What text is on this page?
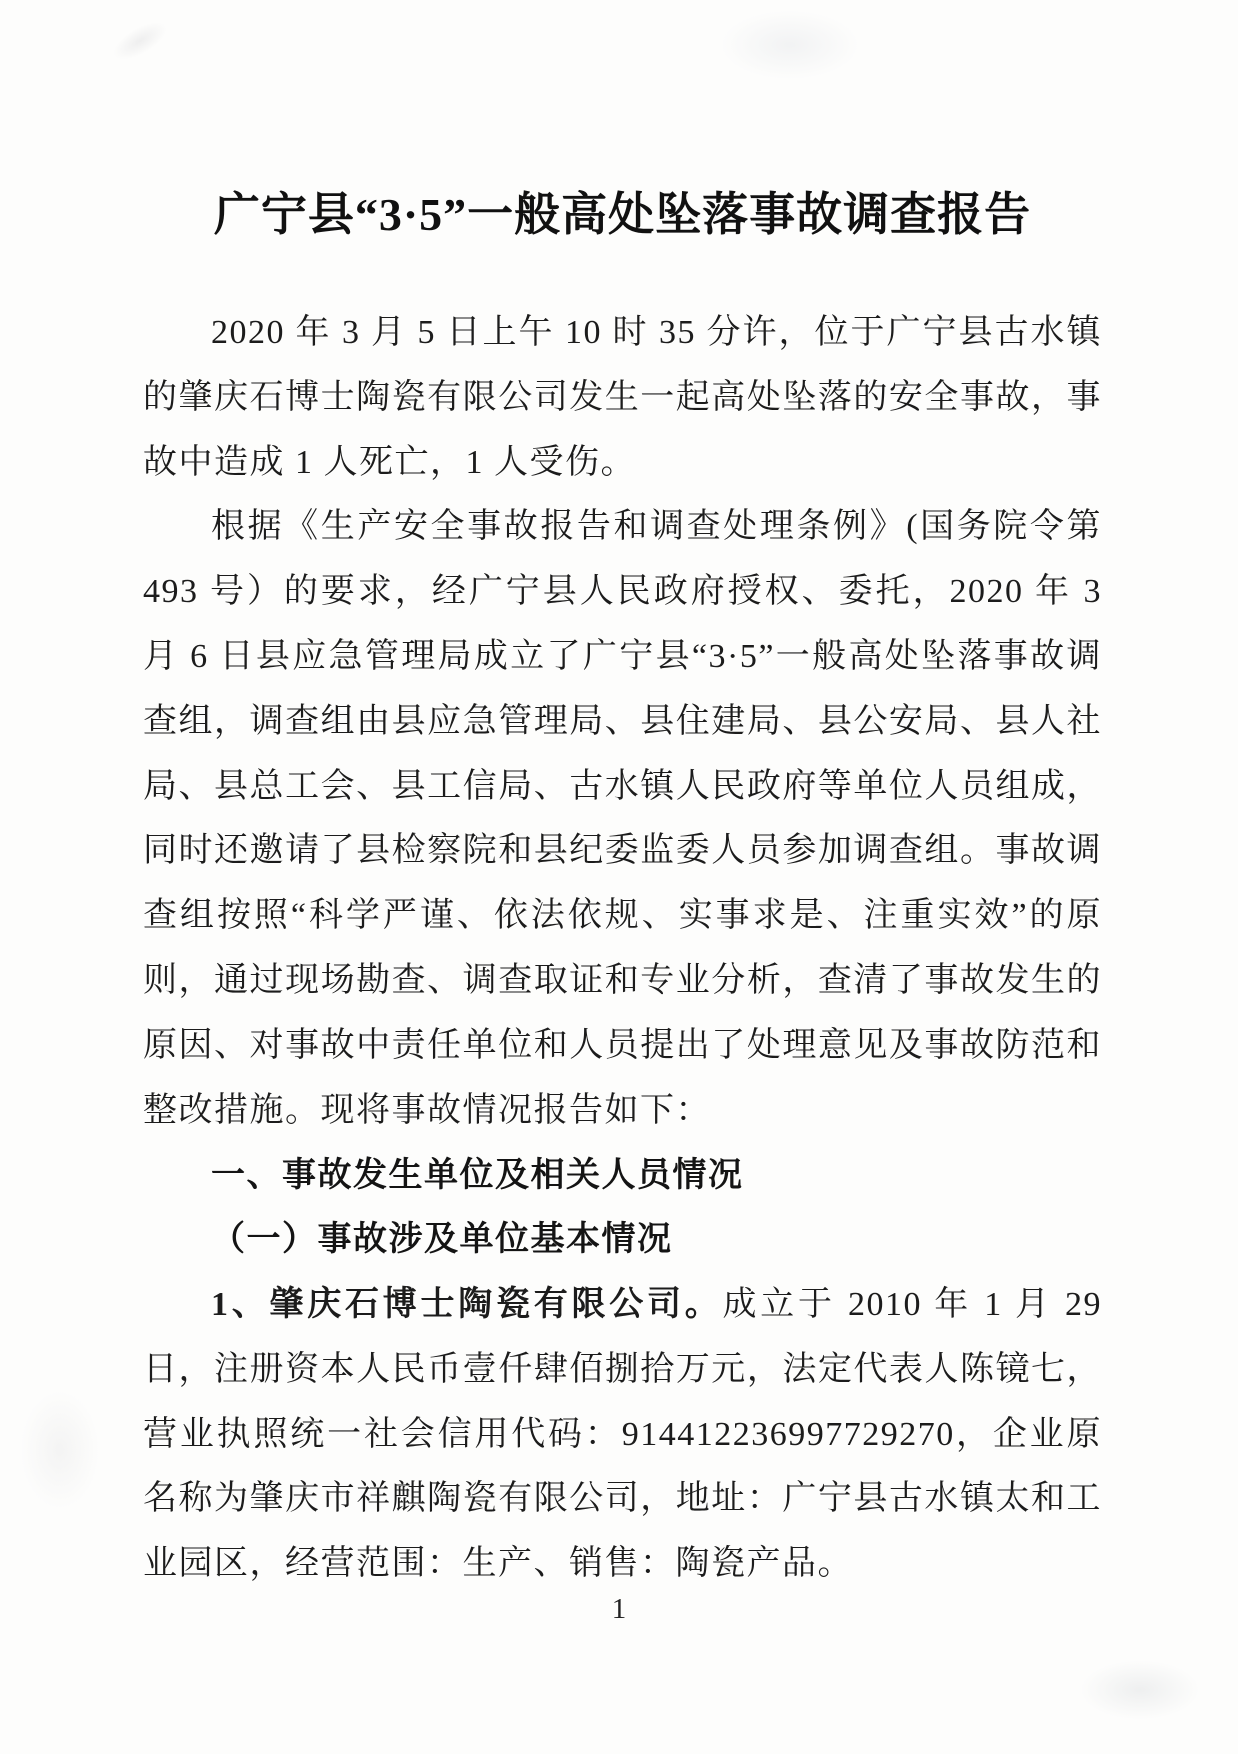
广宁县“3·5”一般高处坠落事故调查报告

2020 年 3 月 5 日上午 10 时 35 分许，位于广宁县古水镇的肇庆石博士陶瓷有限公司发生一起高处坠落的安全事故，事故中造成 1 人死亡，1 人受伤。

根据《生产安全事故报告和调查处理条例》(国务院令第 493 号）的要求，经广宁县人民政府授权、委托，2020 年 3 月 6 日县应急管理局成立了广宁县“3·5”一般高处坠落事故调查组，调查组由县应急管理局、县住建局、县公安局、县人社局、县总工会、县工信局、古水镇人民政府等单位人员组成，同时还邀请了县检察院和县纪委监委人员参加调查组。事故调查组按照“科学严谨、依法依规、实事求是、注重实效”的原则，通过现场勘查、调查取证和专业分析，查清了事故发生的原因、对事故中责任单位和人员提出了处理意见及事故防范和整改措施。现将事故情况报告如下：

一、事故发生单位及相关人员情况

（一）事故涉及单位基本情况

1、肇庆石博士陶瓷有限公司。成立于 2010 年 1 月 29 日，注册资本人民币壹仟肆佰捌拾万元，法定代表人陈镜七，营业执照统一社会信用代码：914412236997729270，企业原名称为肇庆市祥麒陶瓷有限公司，地址：广宁县古水镇太和工业园区，经营范围：生产、销售：陶瓷产品。

1
